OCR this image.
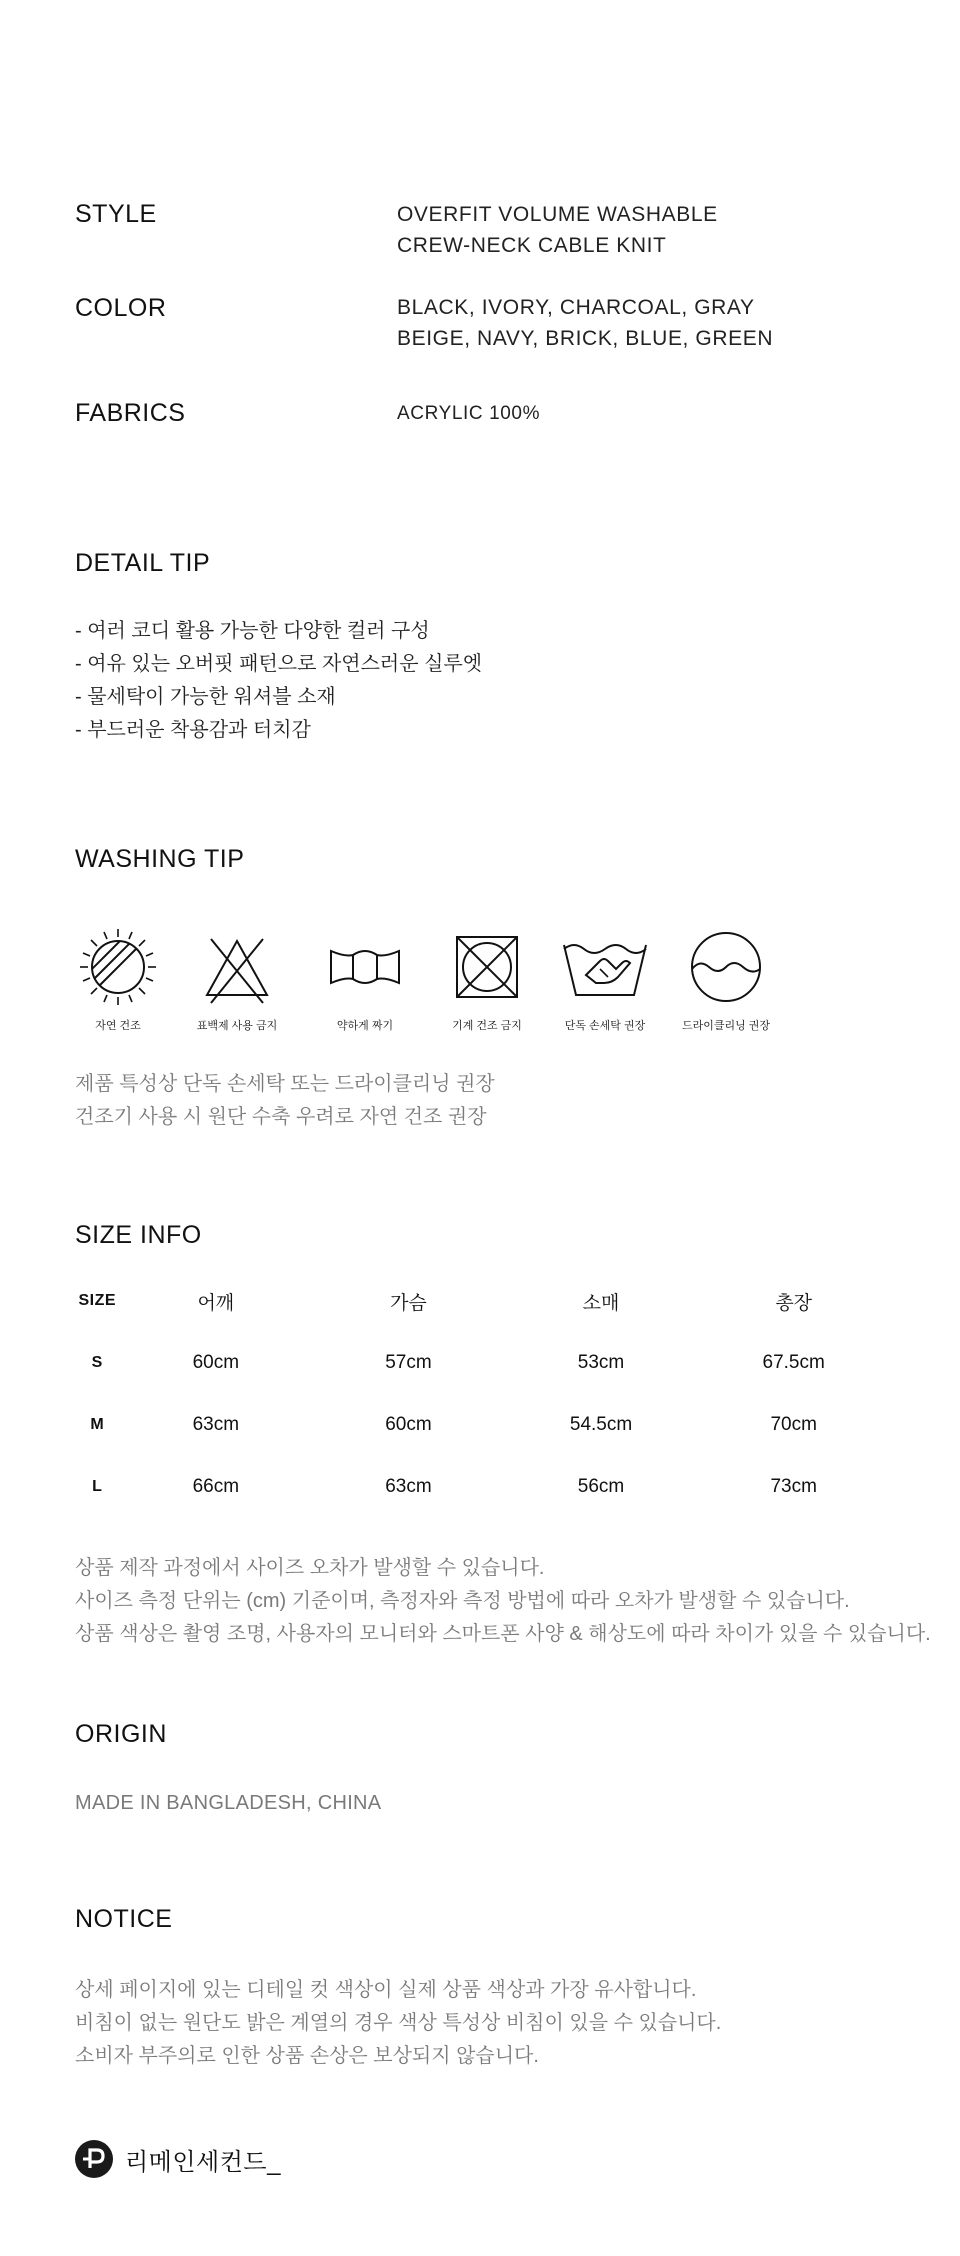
STYLE	OVERFIT VOLUME WASHABLE
CREW-NECK CABLE KNIT
COLOR	BLACK, IVORY, CHARCOAL, GRAY
BEIGE, NAVY, BRICK, BLUE, GREEN
FABRICS	ACRYLIC 100%
DETAIL TIP
- 여러 코디 활용 가능한 다양한 컬러 구성
- 여유 있는 오버핏 패턴으로 자연스러운 실루엣
- 물세탁이 가능한 워셔블 소재
- 부드러운 착용감과 터치감
WASHING TIP
자연 건조	표백제 사용 금지	약하게 짜기	기계 건조 금지	단독 손세탁 권장	드라이클리닝 권장
제품 특성상 단독 손세탁 또는 드라이클리닝 권장
건조기 사용 시 원단 수축 우려로 자연 건조 권장
SIZE INFO
SIZE	어깨	가슴	소매	총장
S	60cm	57cm	53cm	67.5cm
M	63cm	60cm	54.5cm	70cm
L	66cm	63cm	56cm	73cm
상품 제작 과정에서 사이즈 오차가 발생할 수 있습니다.
사이즈 측정 단위는 (cm) 기준이며, 측정자와 측정 방법에 따라 오차가 발생할 수 있습니다.
상품 색상은 촬영 조명, 사용자의 모니터와 스마트폰 사양 & 해상도에 따라 차이가 있을 수 있습니다.
ORIGIN
MADE IN BANGLADESH, CHINA
NOTICE
상세 페이지에 있는 디테일 컷 색상이 실제 상품 색상과 가장 유사합니다.
비침이 없는 원단도 밝은 계열의 경우 색상 특성상 비침이 있을 수 있습니다.
소비자 부주의로 인한 상품 손상은 보상되지 않습니다.
리메인세컨드_
